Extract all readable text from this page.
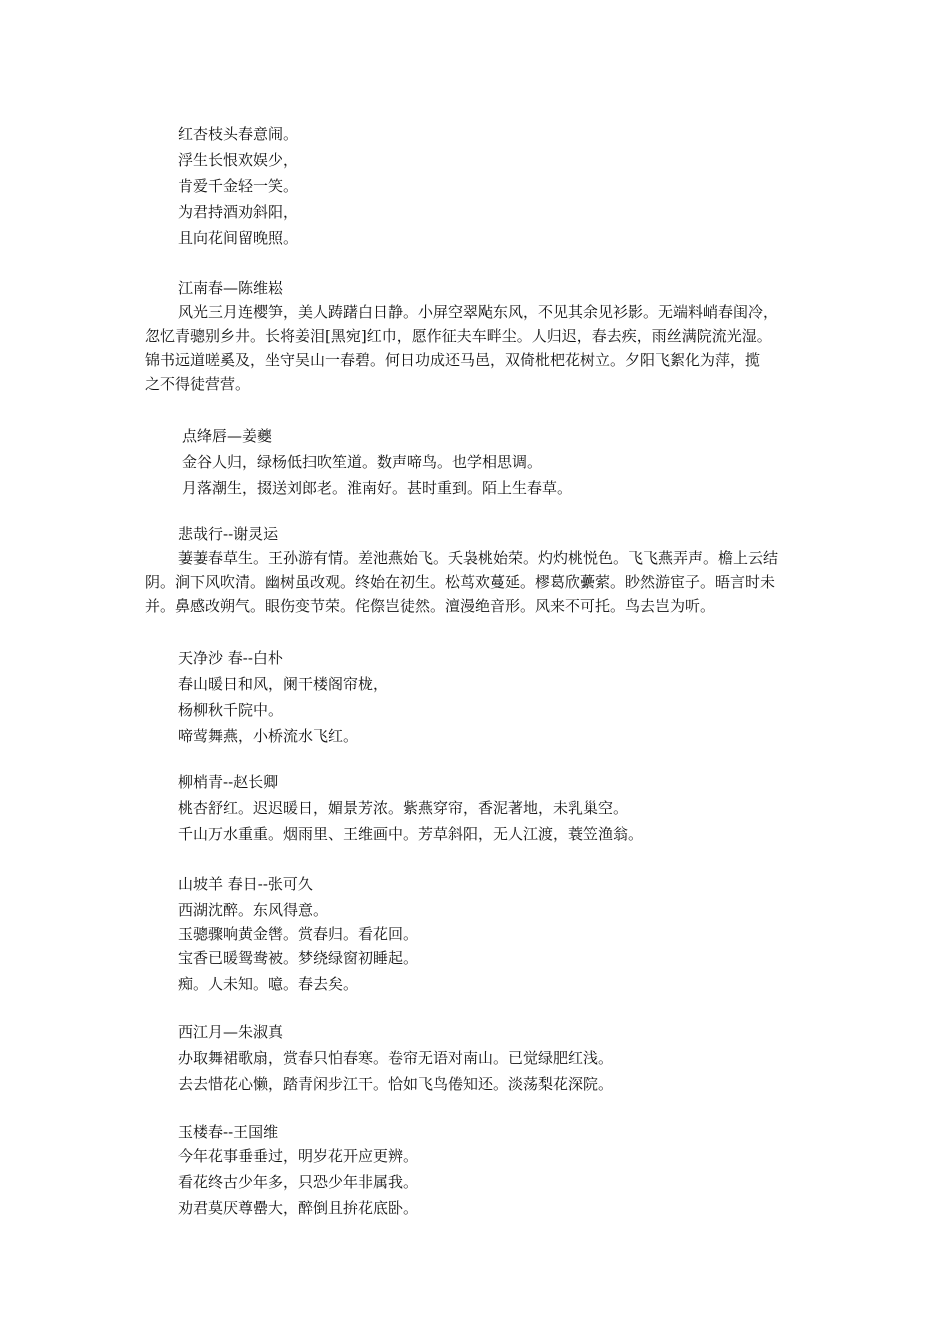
红杏枝头春意闹。
浮生长恨欢娱少，
肯爱千金轻一笑。
为君持酒劝斜阳，
且向花间留晚照。
江南春—陈维崧
风光三月连樱笋，美人踌躇白日静。小屏空翠飐东风，不见其余见衫影。无端料峭春闺冷，
忽忆青骢别乡井。长将姜泪[黑宛]红巾，愿作征夫车畔尘。人归迟，春去疾，雨丝满院流光湿。
锦书远道嗟奚及，坐守吴山一春碧。何日功成还马邑，双倚枇杷花树立。夕阳飞絮化为萍，揽
之不得徒营营。
点绛唇—姜夔
金谷人归，绿杨低扫吹笙道。数声啼鸟。也学相思调。
月落潮生，掇送刘郎老。淮南好。甚时重到。陌上生春草。
悲哉行--谢灵运
萋萋春草生。王孙游有情。差池燕始飞。夭袅桃始荣。灼灼桃悦色。飞飞燕弄声。檐上云结
阴。涧下风吹清。幽树虽改观。终始在初生。松茑欢蔓延。樛葛欣虆萦。眇然游宦子。晤言时未
并。鼻感改朔气。眼伤变节荣。侘傺岂徒然。澶漫绝音形。风来不可托。鸟去岂为听。
天净沙 春--白朴
春山暖日和风，阑干楼阁帘栊，
杨柳秋千院中。
啼莺舞燕，小桥流水飞红。
柳梢青--赵长卿
桃杏舒红。迟迟暖日，媚景芳浓。紫燕穿帘，香泥著地，未乳巢空。
千山万水重重。烟雨里、王维画中。芳草斜阳，无人江渡，蓑笠渔翁。
山坡羊 春日--张可久
西湖沈醉。东风得意。
玉骢骤响黄金辔。赏春归。看花回。
宝香已暖鸳鸯被。梦绕绿窗初睡起。
痴。人未知。噫。春去矣。
西江月—朱淑真
办取舞裙歌扇，赏春只怕春寒。卷帘无语对南山。已觉绿肥红浅。
去去惜花心懒，踏青闲步江干。恰如飞鸟倦知还。淡荡梨花深院。
玉楼春--王国维
今年花事垂垂过，明岁花开应更辨。
看花终古少年多，只恐少年非属我。
劝君莫厌尊罍大，醉倒且拚花底卧。
